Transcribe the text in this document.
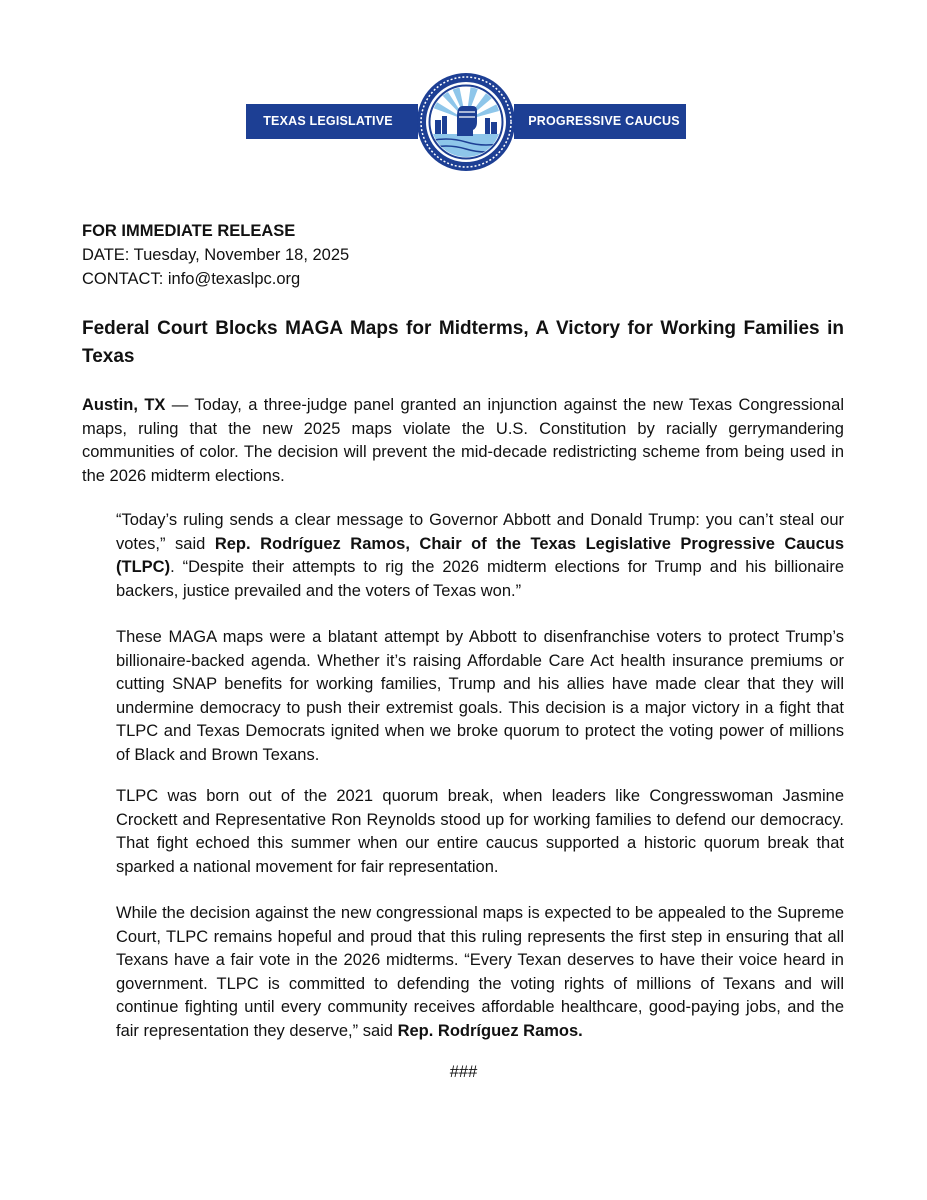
TEXAS LEGISLATIVE	PROGRESSIVE CAUCUS
FOR IMMEDIATE RELEASE
DATE: Tuesday, November 18, 2025
CONTACT: info@texaslpc.org
Federal Court Blocks MAGA Maps for Midterms, A Victory for Working Families in Texas

Austin, TX — Today, a three-judge panel granted an injunction against the new Texas Congressional maps, ruling that the new 2025 maps violate the U.S. Constitution by racially gerrymandering communities of color. The decision will prevent the mid-decade redistricting scheme from being used in the 2026 midterm elections.

“Today’s ruling sends a clear message to Governor Abbott and Donald Trump: you can’t steal our votes,” said Rep. Rodríguez Ramos, Chair of the Texas Legislative Progressive Caucus (TLPC). “Despite their attempts to rig the 2026 midterm elections for Trump and his billionaire backers, justice prevailed and the voters of Texas won.”

These MAGA maps were a blatant attempt by Abbott to disenfranchise voters to protect Trump’s billionaire-backed agenda. Whether it’s raising Affordable Care Act health insurance premiums or cutting SNAP benefits for working families, Trump and his allies have made clear that they will undermine democracy to push their extremist goals. This decision is a major victory in a fight that TLPC and Texas Democrats ignited when we broke quorum to protect the voting power of millions of Black and Brown Texans.

TLPC was born out of the 2021 quorum break, when leaders like Congresswoman Jasmine Crockett and Representative Ron Reynolds stood up for working families to defend our democracy. That fight echoed this summer when our entire caucus supported a historic quorum break that sparked a national movement for fair representation.

While the decision against the new congressional maps is expected to be appealed to the Supreme Court, TLPC remains hopeful and proud that this ruling represents the first step in ensuring that all Texans have a fair vote in the 2026 midterms. “Every Texan deserves to have their voice heard in government. TLPC is committed to defending the voting rights of millions of Texans and will continue fighting until every community receives affordable healthcare, good-paying jobs, and the fair representation they deserve,” said Rep. Rodríguez Ramos.

###
